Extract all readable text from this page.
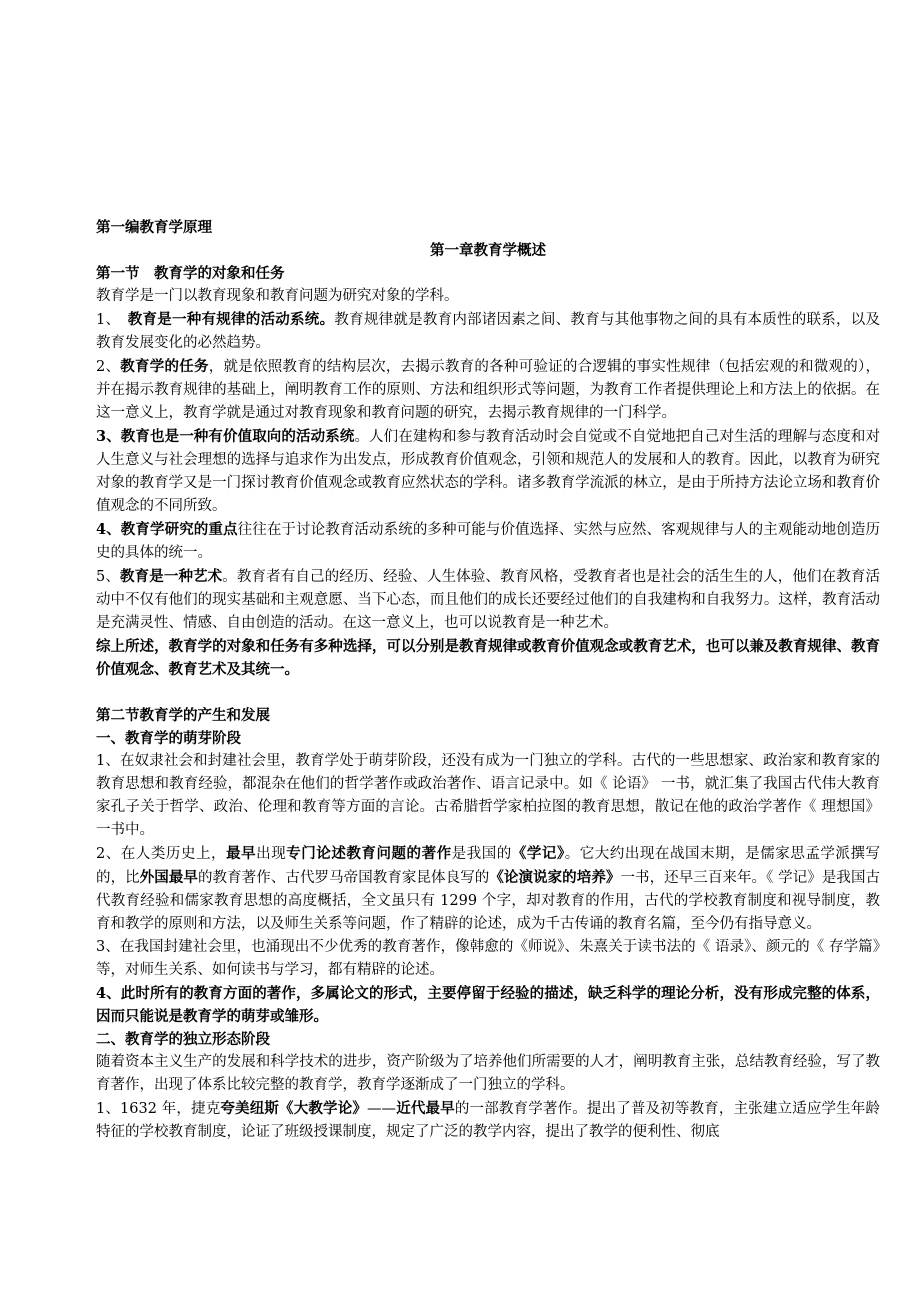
第一编教育学原理
第一章教育学概述
第一节　教育学的对象和任务
教育学是一门以教育现象和教育问题为研究对象的学科。
1、　教育是一种有规律的活动系统。教育规律就是教育内部诸因素之间、教育与其他事物之间的具有本质性的联系，以及教育发展变化的必然趋势。
2、教育学的任务，就是依照教育的结构层次，去揭示教育的各种可验证的合逻辑的事实性规律（包括宏观的和微观的），并在揭示教育规律的基础上，阐明教育工作的原则、方法和组织形式等问题，为教育工作者提供理论上和方法上的依据。在这一意义上，教育学就是通过对教育现象和教育问题的研究，去揭示教育规律的一门科学。
3、教育也是一种有价值取向的活动系统。人们在建构和参与教育活动时会自觉或不自觉地把自己对生活的理解与态度和对人生意义与社会理想的选择与追求作为出发点，形成教育价值观念，引领和规范人的发展和人的教育。因此，以教育为研究对象的教育学又是一门探讨教育价值观念或教育应然状态的学科。诸多教育学流派的林立，是由于所持方法论立场和教育价值观念的不同所致。
4、教育学研究的重点往往在于讨论教育活动系统的多种可能与价值选择、实然与应然、客观规律与人的主观能动地创造历史的具体的统一。
5、教育是一种艺术。教育者有自己的经历、经验、人生体验、教育风格，受教育者也是社会的活生生的人，他们在教育活动中不仅有他们的现实基础和主观意愿、当下心态，而且他们的成长还要经过他们的自我建构和自我努力。这样，教育活动是充满灵性、情感、自由创造的活动。在这一意义上，也可以说教育是一种艺术。
综上所述，教育学的对象和任务有多种选择，可以分别是教育规律或教育价值观念或教育艺术，也可以兼及教育规律、教育价值观念、教育艺术及其统一。
第二节教育学的产生和发展
一、教育学的萌芽阶段
1、在奴隶社会和封建社会里，教育学处于萌芽阶段，还没有成为一门独立的学科。古代的一些思想家、政治家和教育家的教育思想和教育经验，都混杂在他们的哲学著作或政治著作、语言记录中。如《 论语》 一书，就汇集了我国古代伟大教育家孔子关于哲学、政治、伦理和教育等方面的言论。古希腊哲学家柏拉图的教育思想，散记在他的政治学著作《 理想国》 一书中。
2、在人类历史上，最早出现专门论述教育问题的著作是我国的《学记》。它大约出现在战国末期，是儒家思孟学派撰写的，比外国最早的教育著作、古代罗马帝国教育家昆体良写的《论演说家的培养》一书，还早三百来年。《 学记》是我国古代教育经验和儒家教育思想的高度概括，全文虽只有 1299 个字，却对教育的作用，古代的学校教育制度和视导制度，教育和教学的原则和方法，以及师生关系等问题，作了精辟的论述，成为千古传诵的教育名篇，至今仍有指导意义。
3、在我国封建社会里，也涌现出不少优秀的教育著作，像韩愈的《师说》、朱熹关于读书法的《 语录》、颜元的《 存学篇》等，对师生关系、如何读书与学习，都有精辟的论述。
4、此时所有的教育方面的著作，多属论文的形式，主要停留于经验的描述，缺乏科学的理论分析，没有形成完整的体系，因而只能说是教育学的萌芽或雏形。
二、教育学的独立形态阶段
随着资本主义生产的发展和科学技术的进步，资产阶级为了培养他们所需要的人才，阐明教育主张，总结教育经验，写了教育著作，出现了体系比较完整的教育学，教育学逐渐成了一门独立的学科。
1、1632 年，捷克夸美纽斯《大教学论》——近代最早的一部教育学著作。提出了普及初等教育，主张建立适应学生年龄特征的学校教育制度，论证了班级授课制度，规定了广泛的教学内容，提出了教学的便利性、彻底
